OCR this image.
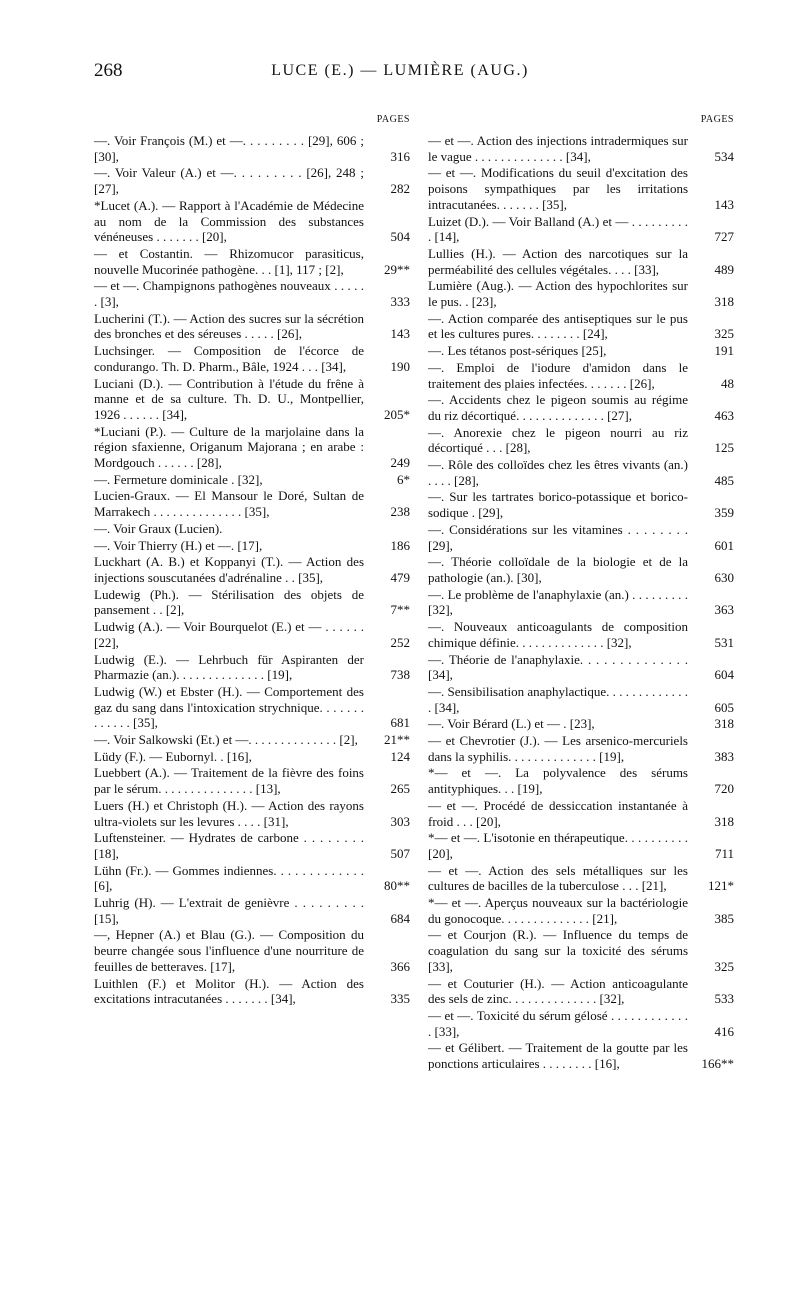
268	LUCE (E.) — LUMIÈRE (AUG.)
PAGES
—. Voir François (M.) et —. . . . . . . . . [29], 606 ; [30],	316
—. Voir Valeur (A.) et —. . . . . . . . . [26], 248 ; [27],	282
*Lucet (A.). — Rapport à l'Académie de Médecine au nom de la Commission des substances vénéneuses . . . . . . . [20],	504
— et Costantin. — Rhizomucor parasiticus, nouvelle Mucorinée pathogène. . . [1], 117 ; [2],	29**
— et —. Champignons pathogènes nouveaux . . . . . . [3],	333
Lucherini (T.). — Action des sucres sur la sécrétion des bronches et des séreuses . . . . . [26],	143
Luchsinger. — Composition de l'écorce de condurango. Th. D. Pharm., Bâle, 1924 . . . [34],	190
Luciani (D.). — Contribution à l'étude du frêne à manne et de sa culture. Th. D. U., Montpellier, 1926 . . . . . . [34],	205*
*Luciani (P.). — Culture de la marjolaine dans la région sfaxienne, Origanum Majorana ; en arabe : Mordgouch . . . . . . [28],	249
—. Fermeture dominicale . [32],	6*
Lucien-Graux. — El Mansour le Doré, Sultan de Marrakech . . . . . . . . . . . . . . [35],	238
—. Voir Graux (Lucien).
—. Voir Thierry (H.) et —. [17],	186
Luckhart (A. B.) et Koppanyi (T.). — Action des injections souscutanées d'adrénaline . . [35],	479
Ludewig (Ph.). — Stérilisation des objets de pansement . . [2],	7**
Ludwig (A.). — Voir Bourquelot (E.) et — . . . . . . [22],	252
Ludwig (E.). — Lehrbuch für Aspiranten der Pharmazie (an.). . . . . . . . . . . . . . [19],	738
Ludwig (W.) et Ebster (H.). — Comportement des gaz du sang dans l'intoxication strychnique. . . . . . . . . . . . . [35],	681
—. Voir Salkowski (Et.) et —. . . . . . . . . . . . . . [2],	21**
Lüdy (F.). — Eubornyl. . [16],	124
Luebbert (A.). — Traitement de la fièvre des foins par le sérum. . . . . . . . . . . . . . . [13],	265
Luers (H.) et Christoph (H.). — Action des rayons ultra-violets sur les levures . . . . [31],	303
Luftensteiner. — Hydrates de carbone . . . . . . . . [18],	507
Lühn (Fr.). — Gommes indiennes. . . . . . . . . . . . . [6],	80**
Luhrig (H). — L'extrait de genièvre . . . . . . . . . [15],	684
—, Hepner (A.) et Blau (G.). — Composition du beurre changée sous l'influence d'une nourriture de feuilles de betteraves. [17],	366
Luithlen (F.) et Molitor (H.). — Action des excitations intracutanées . . . . . . . [34],	335
PAGES
— et —. Action des injections intradermiques sur le vague . . . . . . . . . . . . . . [34],	534
— et —. Modifications du seuil d'excitation des poisons sympathiques par les irritations intracutanées. . . . . . . [35],	143
Luizet (D.). — Voir Balland (A.) et — . . . . . . . . . . [14],	727
Lullies (H.). — Action des narcotiques sur la perméabilité des cellules végétales. . . . [33],	489
Lumière (Aug.). — Action des hypochlorites sur le pus. . [23],	318
—. Action comparée des antiseptiques sur le pus et les cultures pures. . . . . . . . [24],	325
—. Les tétanos post-sériques [25],	191
—. Emploi de l'iodure d'amidon dans le traitement des plaies infectées. . . . . . . [26],	48
—. Accidents chez le pigeon soumis au régime du riz décortiqué. . . . . . . . . . . . . . [27],	463
—. Anorexie chez le pigeon nourri au riz décortiqué . . . [28],	125
—. Rôle des colloïdes chez les êtres vivants (an.) . . . . [28],	485
—. Sur les tartrates borico-potassique et borico-sodique . [29],	359
—. Considérations sur les vitamines . . . . . . . . [29],	601
—. Théorie colloïdale de la biologie et de la pathologie (an.). [30],	630
—. Le problème de l'anaphylaxie (an.) . . . . . . . . . [32],	363
—. Nouveaux anticoagulants de composition chimique définie. . . . . . . . . . . . . . [32],	531
—. Théorie de l'anaphylaxie. . . . . . . . . . . . . . [34],	604
—. Sensibilisation anaphylactique. . . . . . . . . . . . . . [34],	605
—. Voir Bérard (L.) et — . [23],	318
— et Chevrotier (J.). — Les arsenico-mercuriels dans la syphilis. . . . . . . . . . . . . . [19],	383
*— et —. La polyvalence des sérums antityphiques. . . [19],	720
— et —. Procédé de dessiccation instantanée à froid . . . [20],	318
*— et —. L'isotonie en thérapeutique. . . . . . . . . . [20],	711
— et —. Action des sels métalliques sur les cultures de bacilles de la tuberculose . . . [21],	121*
*— et —. Aperçus nouveaux sur la bactériologie du gonocoque. . . . . . . . . . . . . . [21],	385
— et Courjon (R.). — Influence du temps de coagulation du sang sur la toxicité des sérums [33],	325
— et Couturier (H.). — Action anticoagulante des sels de zinc. . . . . . . . . . . . . . [32],	533
— et —. Toxicité du sérum gélosé . . . . . . . . . . . . . [33],	416
— et Gélibert. — Traitement de la goutte par les ponctions articulaires . . . . . . . . [16],	166**
